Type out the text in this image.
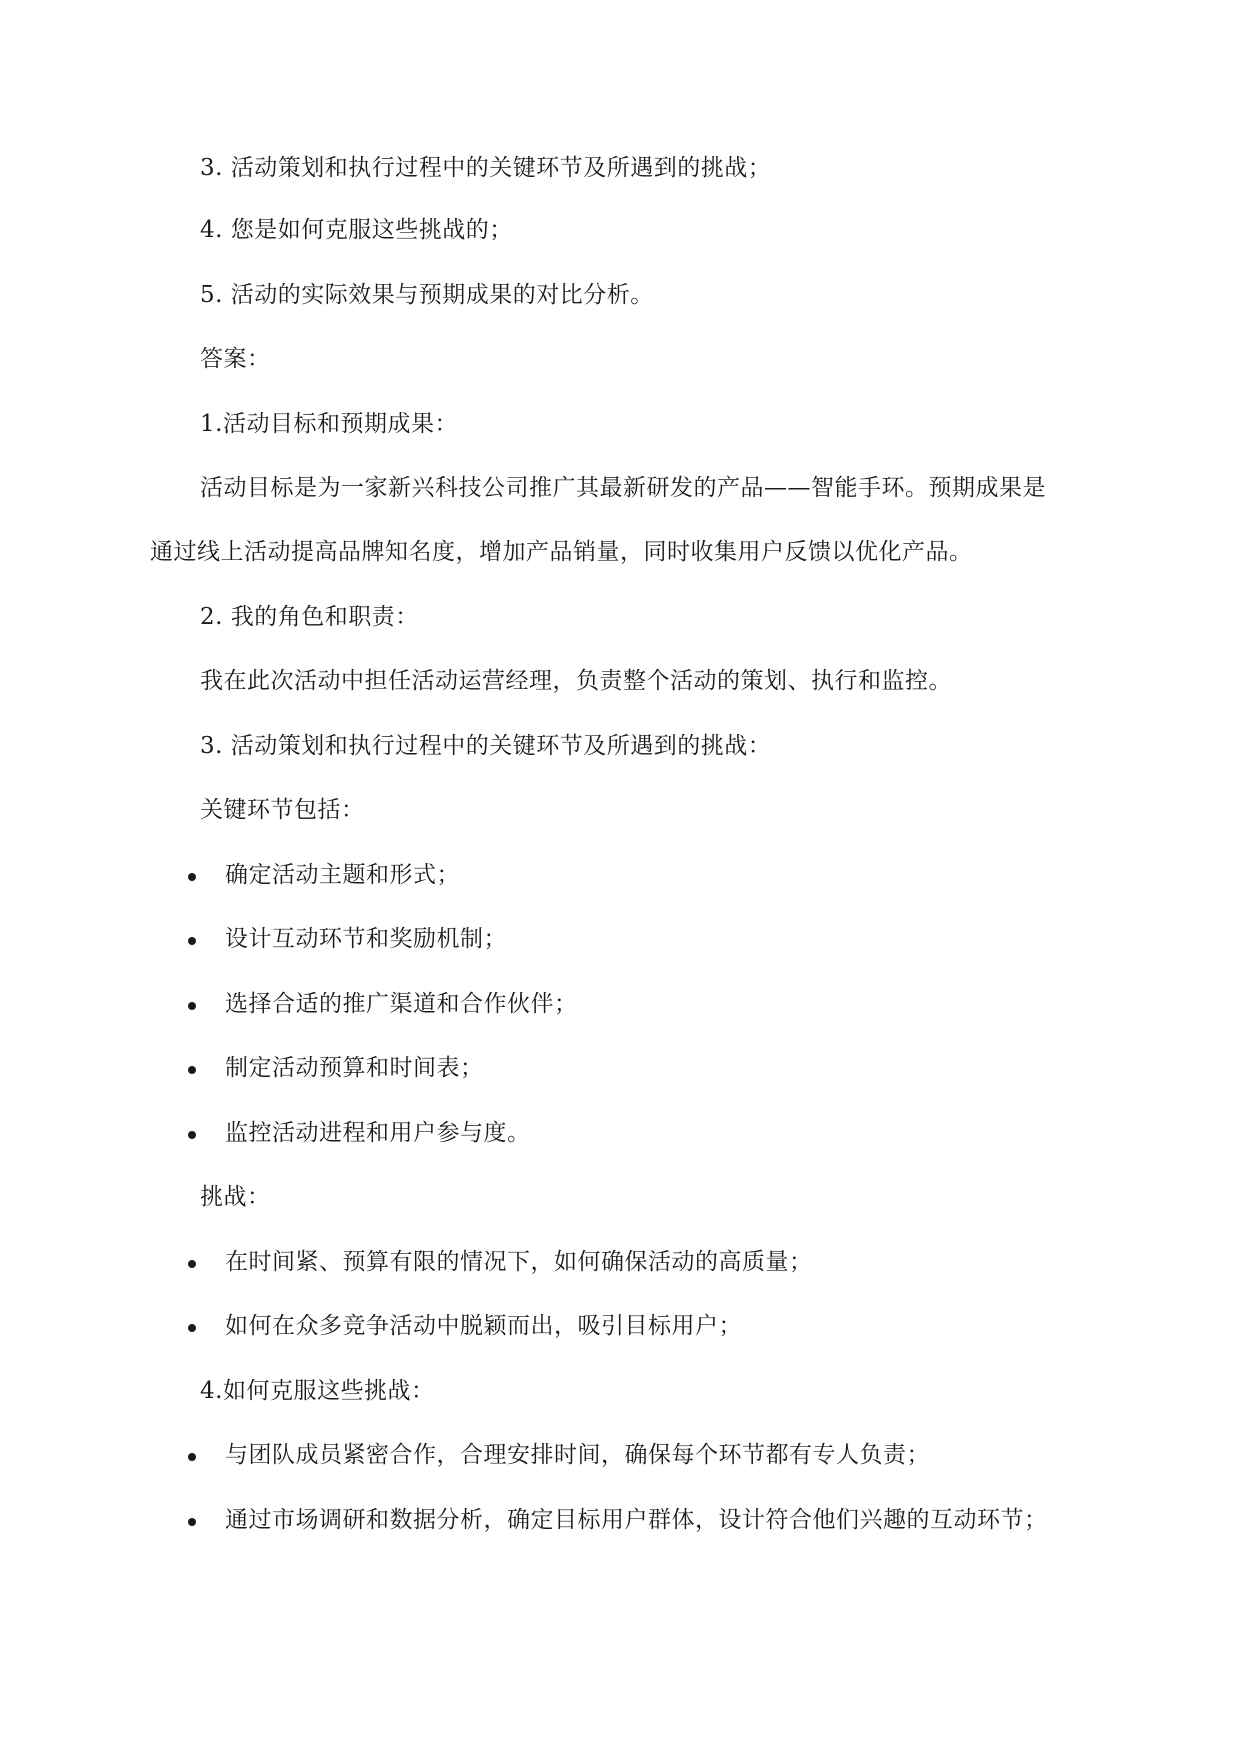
3. 活动策划和执行过程中的关键环节及所遇到的挑战；
4. 您是如何克服这些挑战的；
5. 活动的实际效果与预期成果的对比分析。
答案：
1.活动目标和预期成果：
活动目标是为一家新兴科技公司推广其最新研发的产品——智能手环。预期成果是
通过线上活动提高品牌知名度，增加产品销量，同时收集用户反馈以优化产品。
2. 我的角色和职责：
我在此次活动中担任活动运营经理，负责整个活动的策划、执行和监控。
3. 活动策划和执行过程中的关键环节及所遇到的挑战：
关键环节包括：
确定活动主题和形式；
设计互动环节和奖励机制；
选择合适的推广渠道和合作伙伴；
制定活动预算和时间表；
监控活动进程和用户参与度。
挑战：
在时间紧、预算有限的情况下，如何确保活动的高质量；
如何在众多竞争活动中脱颖而出，吸引目标用户；
4.如何克服这些挑战：
与团队成员紧密合作，合理安排时间，确保每个环节都有专人负责；
通过市场调研和数据分析，确定目标用户群体，设计符合他们兴趣的互动环节；
